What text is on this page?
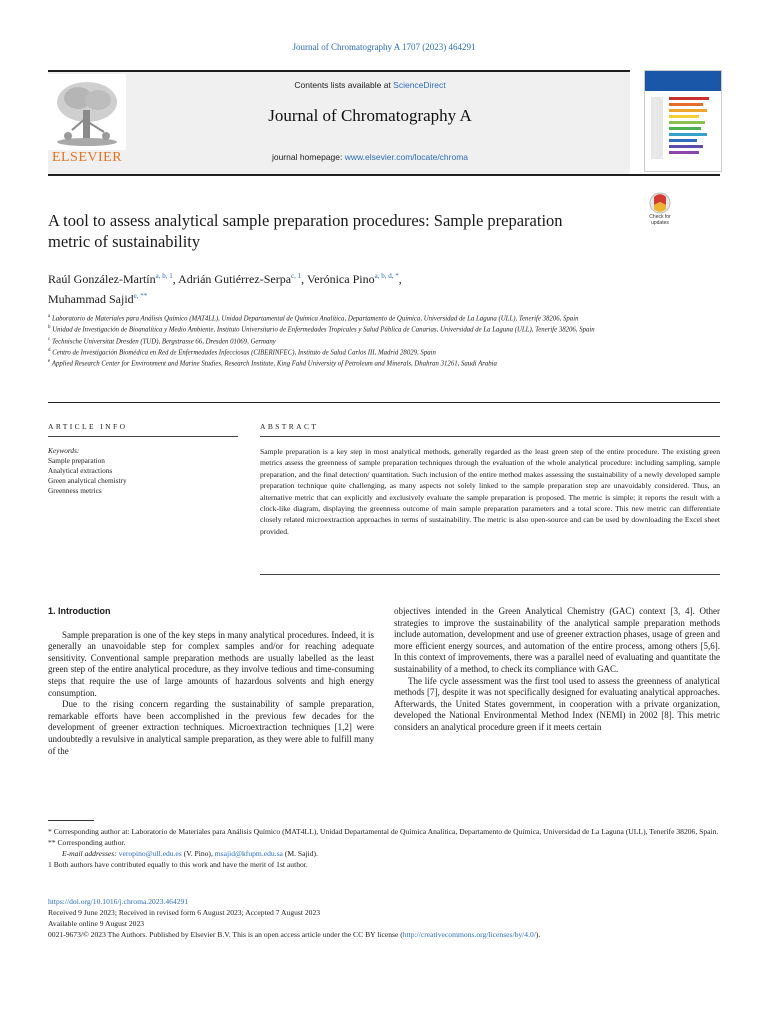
Journal of Chromatography A 1707 (2023) 464291
ELSEVIER
Contents lists available at ScienceDirect
Journal of Chromatography A
journal homepage: www.elsevier.com/locate/chroma
A tool to assess analytical sample preparation procedures: Sample preparation metric of sustainability
Check for updates
Raúl González-Martín$^{a, b, 1}$, Adrián Gutiérrez-Serpa$^{c, 1}$, Verónica Pino$^{a, b, d, *}$,
Muhammad Sajid$^{e, **}$
$^a$ Laboratorio de Materiales para Análisis Químico (MAT4LL), Unidad Departamental de Química Analítica, Departamento de Química, Universidad de La Laguna (ULL), Tenerife 38206, Spain
$^b$ Unidad de Investigación de Bioanalítica y Medio Ambiente, Instituto Universitario de Enfermedades Tropicales y Salud Pública de Canarias, Universidad de La Laguna (ULL), Tenerife 38206, Spain
$^c$ Technische Universitat Dresden (TUD), Bergstrasse 66, Dresden 01069, Germany
$^d$ Centro de Investigación Biomédica en Red de Enfermedades Infecciosas (CIBERINFEC), Instituto de Salud Carlos III, Madrid 28029, Spain
$^e$ Applied Research Center for Environment and Marine Studies, Research Institute, King Fahd University of Petroleum and Minerals, Dhahran 31261, Saudi Arabia
ARTICLE INFO	ABSTRACT
Keywords:
Sample preparation
Analytical extractions
Green analytical chemistry
Greenness metrics
Sample preparation is a key step in most analytical methods, generally regarded as the least green step of the entire procedure. The existing green metrics assess the greenness of sample preparation techniques through the evaluation of the whole analytical procedure: including sampling, sample preparation, and the final detection/ quantitation. Such inclusion of the entire method makes assessing the sustainability of a newly developed sample preparation technique quite challenging, as many aspects not solely linked to the sample preparation step are unavoidably considered. Thus, an alternative metric that can explicitly and exclusively evaluate the sample preparation is proposed. The metric is simple; it reports the result with a clock-like diagram, displaying the greenness outcome of main sample preparation parameters and a total score. This new metric can differentiate closely related microextraction approaches in terms of sustainability. The metric is also open-source and can be used by downloading the Excel sheet provided.
1. Introduction

Sample preparation is one of the key steps in many analytical procedures. Indeed, it is generally an unavoidable step for complex samples and/or for reaching adequate sensitivity. Conventional sample preparation methods are usually labelled as the least green step of the entire analytical procedure, as they involve tedious and time-consuming steps that require the use of large amounts of hazardous solvents and high energy consumption.

Due to the rising concern regarding the sustainability of sample preparation, remarkable efforts have been accomplished in the previous few decades for the development of greener extraction techniques. Microextraction techniques [1,2] were undoubtedly a revulsive in analytical sample preparation, as they were able to fulfill many of the

objectives intended in the Green Analytical Chemistry (GAC) context [3, 4]. Other strategies to improve the sustainability of the analytical sample preparation methods include automation, development and use of greener extraction phases, usage of green and more efficient energy sources, and automation of the entire process, among others [5,6]. In this context of improvements, there was a parallel need of evaluating and quantitate the sustainability of a method, to check its compliance with GAC.

The life cycle assessment was the first tool used to assess the greenness of analytical methods [7], despite it was not specifically designed for evaluating analytical approaches. Afterwards, the United States government, in cooperation with a private organization, developed the National Environmental Method Index (NEMI) in 2002 [8]. This metric considers an analytical procedure green if it meets certain

* Corresponding author at: Laboratorio de Materiales para Análisis Químico (MAT4LL), Unidad Departamental de Química Analítica, Departamento de Química, Universidad de La Laguna (ULL), Tenerife 38206, Spain.

** Corresponding author.

E-mail addresses: veropino@ull.edu.es (V. Pino), msajid@kfupm.edu.sa (M. Sajid).

1 Both authors have contributed equally to this work and have the merit of 1st author.

https://doi.org/10.1016/j.chroma.2023.464291
Received 9 June 2023; Received in revised form 6 August 2023; Accepted 7 August 2023
Available online 9 August 2023
0021-9673/© 2023 The Authors. Published by Elsevier B.V. This is an open access article under the CC BY license (http://creativecommons.org/licenses/by/4.0/).
